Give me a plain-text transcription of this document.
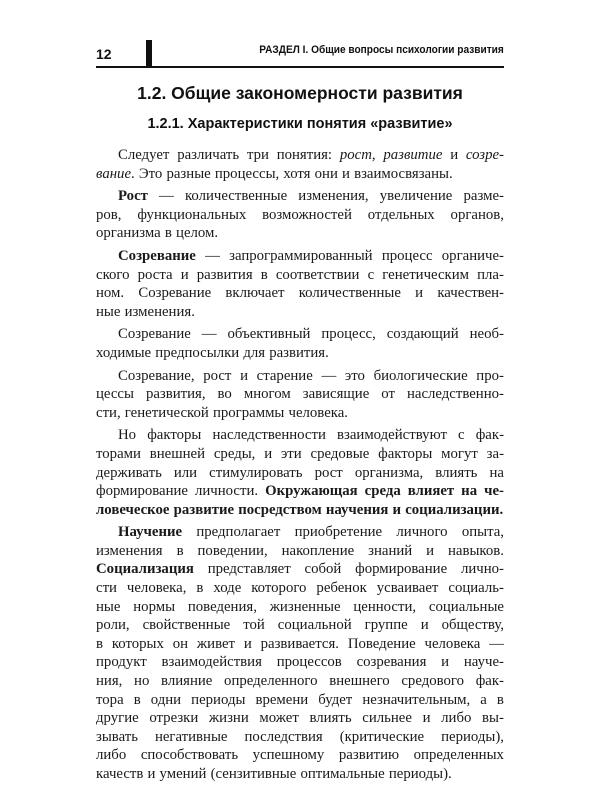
12	РАЗДЕЛ I. Общие вопросы психологии развития
1.2. Общие закономерности развития
1.2.1. Характеристики понятия «развитие»
Следует различать три понятия: рост, развитие и созре-
вание. Это разные процессы, хотя они и взаимосвязаны.
Рост — количественные изменения, увеличение разме-
ров, функциональных возможностей отдельных органов,
организма в целом.
Созревание — запрограммированный процесс органиче-
ского роста и развития в соответствии с генетическим пла-
ном. Созревание включает количественные и качествен-
ные изменения.
Созревание — объективный процесс, создающий необ-
ходимые предпосылки для развития.
Созревание, рост и старение — это биологические про-
цессы развития, во многом зависящие от наследственно-
сти, генетической программы человека.
Но факторы наследственности взаимодействуют с фак-
торами внешней среды, и эти средовые факторы могут за-
держивать или стимулировать рост организма, влиять на
формирование личности. Окружающая среда влияет на че-
ловеческое развитие посредством научения и социализации.
Научение предполагает приобретение личного опыта,
изменения в поведении, накопление знаний и навыков.
Социализация представляет собой формирование лично-
сти человека, в ходе которого ребенок усваивает социаль-
ные нормы поведения, жизненные ценности, социальные
роли, свойственные той социальной группе и обществу,
в которых он живет и развивается. Поведение человека —
продукт взаимодействия процессов созревания и науче-
ния, но влияние определенного внешнего средового фак-
тора в одни периоды времени будет незначительным, а в
другие отрезки жизни может влиять сильнее и либо вы-
зывать негативные последствия (критические периоды),
либо способствовать успешному развитию определенных
качеств и умений (сензитивные оптимальные периоды).
